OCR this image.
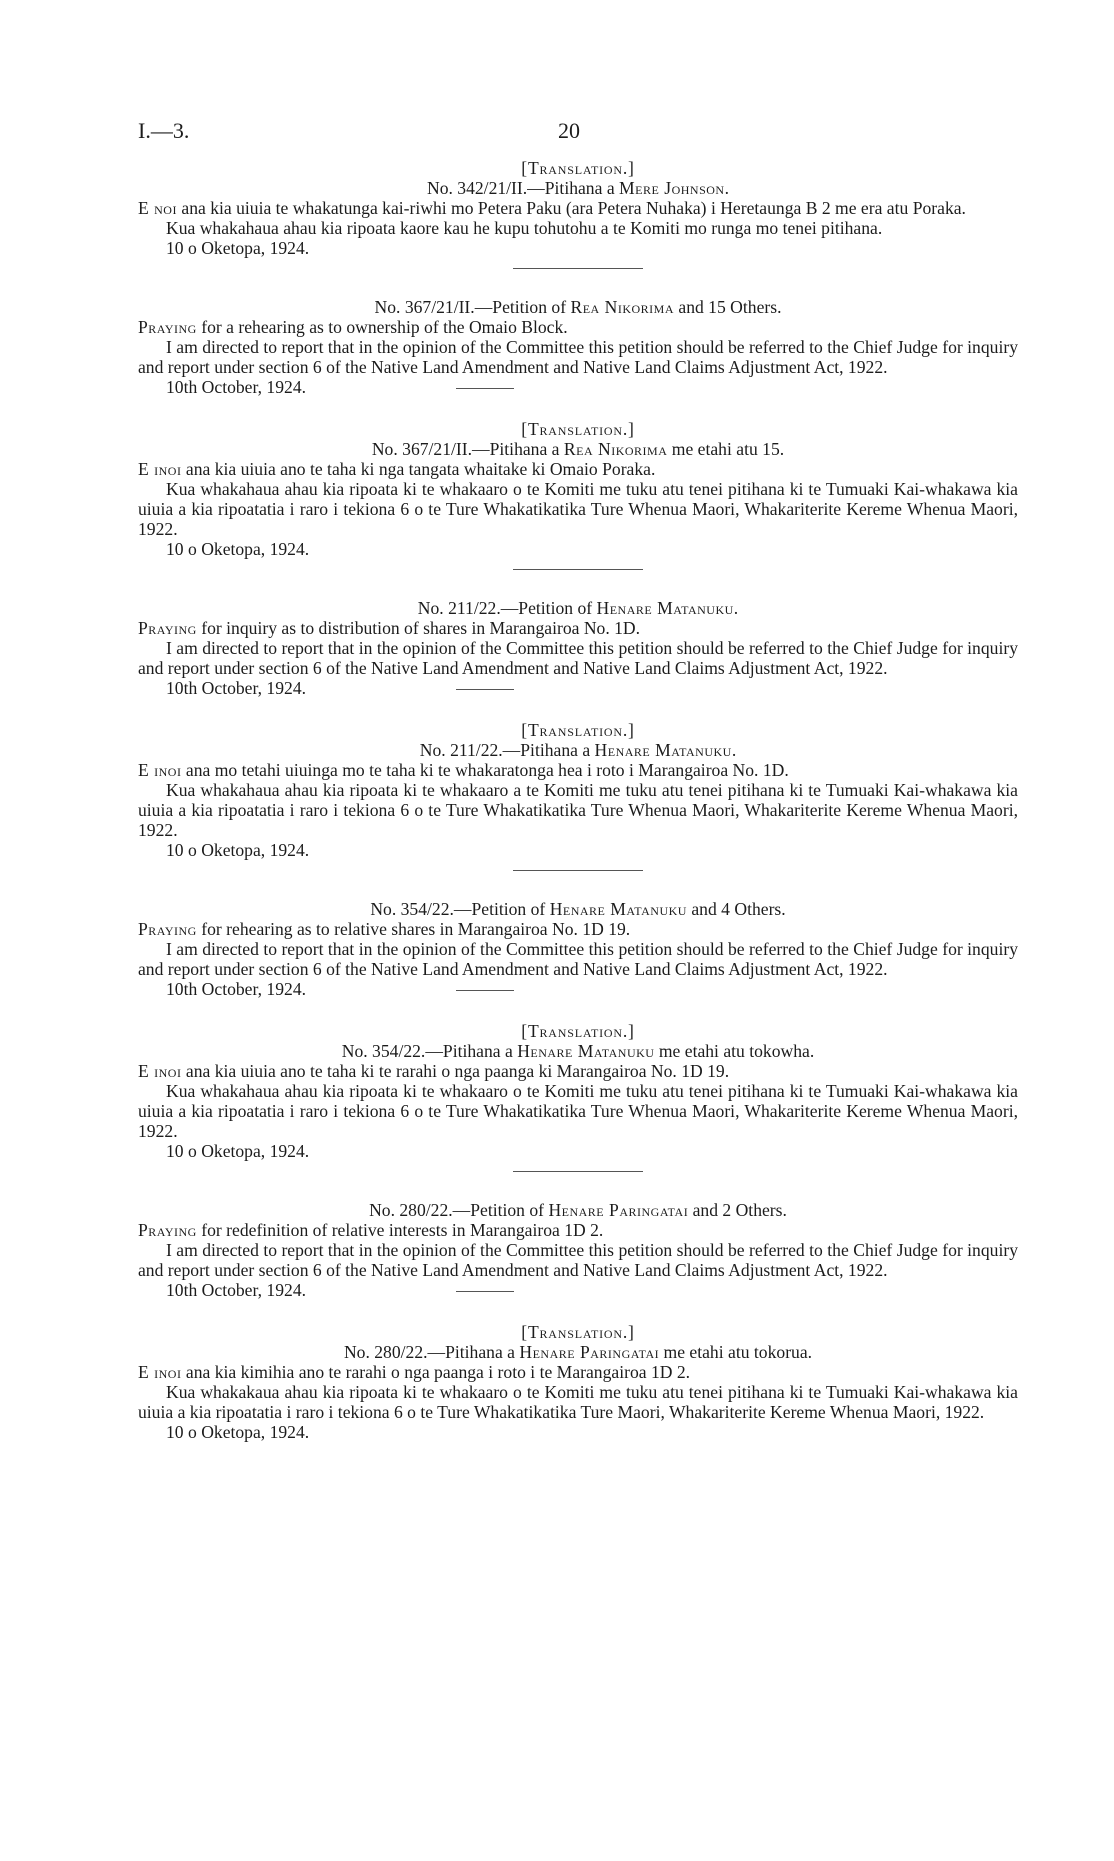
I.—3.	20
[Translation.]
No. 342/21/II.—Pitihana a Mere Johnson.
E noi ana kia uiuia te whakatunga kai-riwhi mo Petera Paku (ara Petera Nuhaka) i Heretaunga B 2 me era atu Poraka.
Kua whakahaua ahau kia ripoata kaore kau he kupu tohutohu a te Komiti mo runga mo tenei pitihana.
10 o Oketopa, 1924.
No. 367/21/II.—Petition of Rea Nikorima and 15 Others.
Praying for a rehearing as to ownership of the Omaio Block.
I am directed to report that in the opinion of the Committee this petition should be referred to the Chief Judge for inquiry and report under section 6 of the Native Land Amendment and Native Land Claims Adjustment Act, 1922.
10th October, 1924.
[Translation.]
No. 367/21/II.—Pitihana a Rea Nikorima me etahi atu 15.
E inoi ana kia uiuia ano te taha ki nga tangata whaitake ki Omaio Poraka.
Kua whakahaua ahau kia ripoata ki te whakaaro o te Komiti me tuku atu tenei pitihana ki te Tumuaki Kai-whakawa kia uiuia a kia ripoatatia i raro i tekiona 6 o te Ture Whakatikatika Ture Whenua Maori, Whakariterite Kereme Whenua Maori, 1922.
10 o Oketopa, 1924.
No. 211/22.—Petition of Henare Matanuku.
Praying for inquiry as to distribution of shares in Marangairoa No. 1D.
I am directed to report that in the opinion of the Committee this petition should be referred to the Chief Judge for inquiry and report under section 6 of the Native Land Amendment and Native Land Claims Adjustment Act, 1922.
10th October, 1924.
[Translation.]
No. 211/22.—Pitihana a Henare Matanuku.
E inoi ana mo tetahi uiuinga mo te taha ki te whakaratonga hea i roto i Marangairoa No. 1D.
Kua whakahaua ahau kia ripoata ki te whakaaro a te Komiti me tuku atu tenei pitihana ki te Tumuaki Kai-whakawa kia uiuia a kia ripoatatia i raro i tekiona 6 o te Ture Whakatikatika Ture Whenua Maori, Whakariterite Kereme Whenua Maori, 1922.
10 o Oketopa, 1924.
No. 354/22.—Petition of Henare Matanuku and 4 Others.
Praying for rehearing as to relative shares in Marangairoa No. 1D 19.
I am directed to report that in the opinion of the Committee this petition should be referred to the Chief Judge for inquiry and report under section 6 of the Native Land Amendment and Native Land Claims Adjustment Act, 1922.
10th October, 1924.
[Translation.]
No. 354/22.—Pitihana a Henare Matanuku me etahi atu tokowha.
E inoi ana kia uiuia ano te taha ki te rarahi o nga paanga ki Marangairoa No. 1D 19.
Kua whakahaua ahau kia ripoata ki te whakaaro o te Komiti me tuku atu tenei pitihana ki te Tumuaki Kai-whakawa kia uiuia a kia ripoatatia i raro i tekiona 6 o te Ture Whakatikatika Ture Whenua Maori, Whakariterite Kereme Whenua Maori, 1922.
10 o Oketopa, 1924.
No. 280/22.—Petition of Henare Paringatai and 2 Others.
Praying for redefinition of relative interests in Marangairoa 1D 2.
I am directed to report that in the opinion of the Committee this petition should be referred to the Chief Judge for inquiry and report under section 6 of the Native Land Amendment and Native Land Claims Adjustment Act, 1922.
10th October, 1924.
[Translation.]
No. 280/22.—Pitihana a Henare Paringatai me etahi atu tokorua.
E inoi ana kia kimihia ano te rarahi o nga paanga i roto i te Marangairoa 1D 2.
Kua whakakaua ahau kia ripoata ki te whakaaro o te Komiti me tuku atu tenei pitihana ki te Tumuaki Kai-whakawa kia uiuia a kia ripoatatia i raro i tekiona 6 o te Ture Whakatikatika Ture Maori, Whakariterite Kereme Whenua Maori, 1922.
10 o Oketopa, 1924.
